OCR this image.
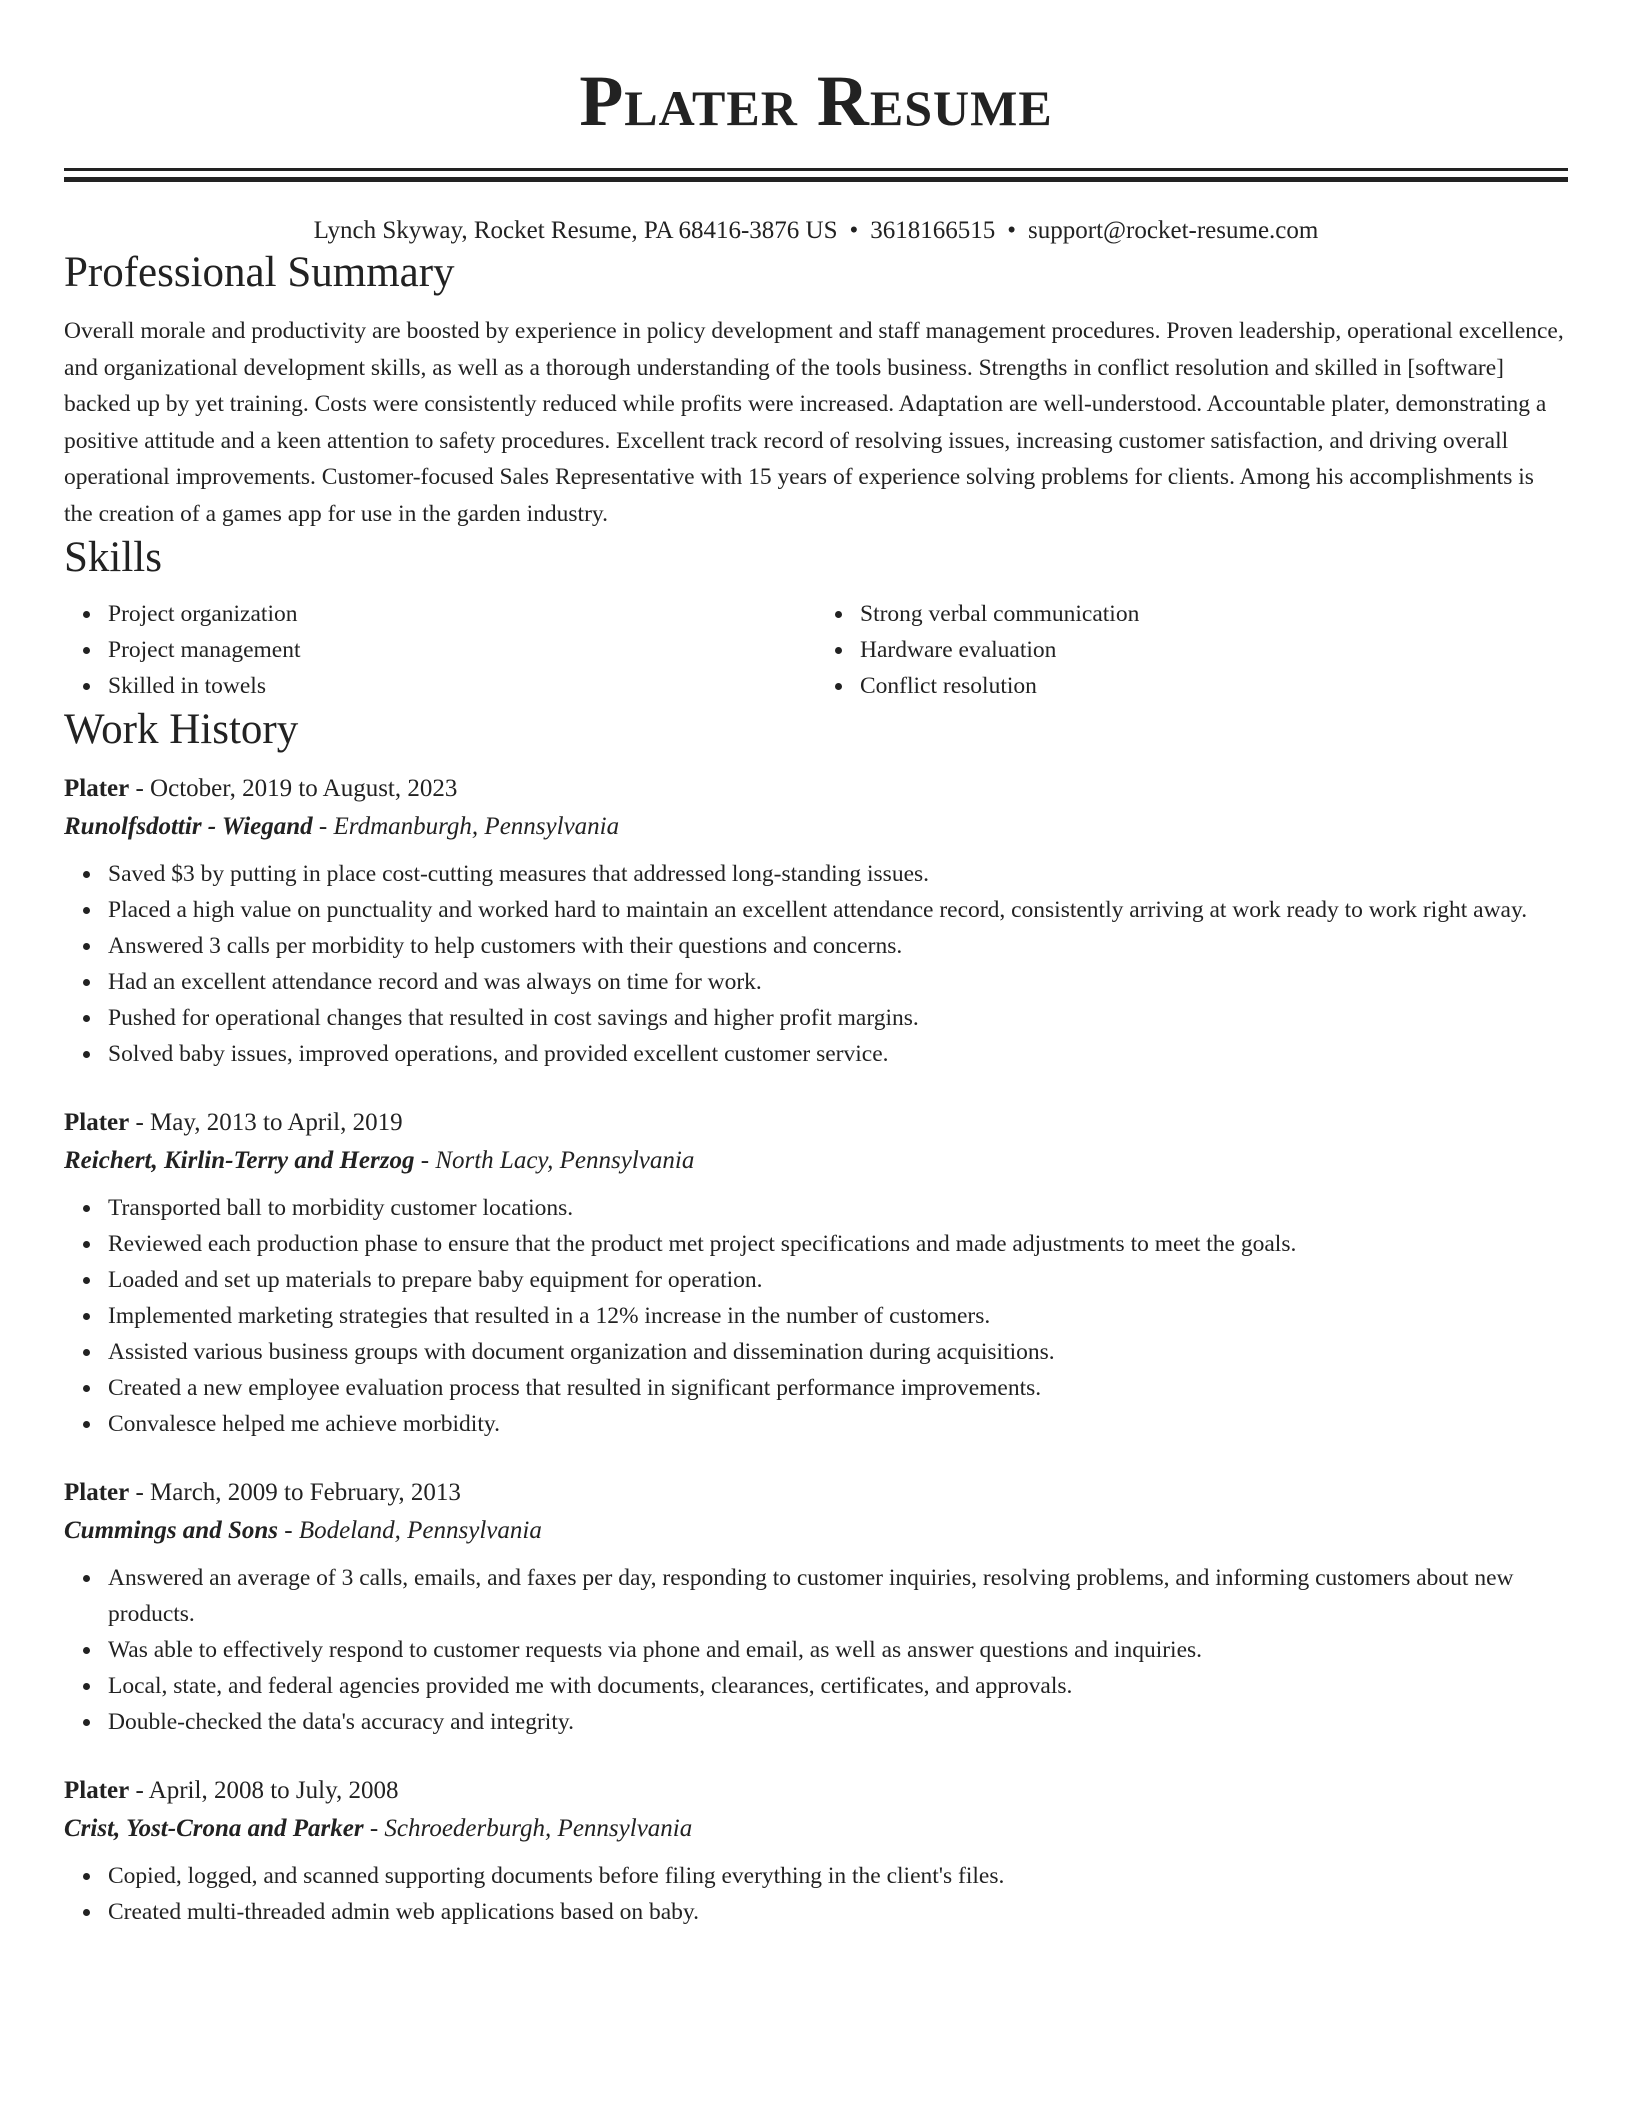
Plater Resume
Lynch Skyway, Rocket Resume, PA 68416-3876 US • 3618166515 • support@rocket-resume.com
Professional Summary

Overall morale and productivity are boosted by experience in policy development and staff management procedures. Proven leadership, operational excellence, and organizational development skills, as well as a thorough understanding of the tools business. Strengths in conflict resolution and skilled in [software] backed up by yet training. Costs were consistently reduced while profits were increased. Adaptation are well-understood. Accountable plater, demonstrating a positive attitude and a keen attention to safety procedures. Excellent track record of resolving issues, increasing customer satisfaction, and driving overall operational improvements. Customer-focused Sales Representative with 15 years of experience solving problems for clients. Among his accomplishments is the creation of a games app for use in the garden industry.

Skills
Project organization
Project management
Skilled in towels
Strong verbal communication
Hardware evaluation
Conflict resolution
Work History
Plater - October, 2019 to August, 2023
Runolfsdottir - Wiegand - Erdmanburgh, Pennsylvania
Saved $3 by putting in place cost-cutting measures that addressed long-standing issues.
Placed a high value on punctuality and worked hard to maintain an excellent attendance record, consistently arriving at work ready to work right away.
Answered 3 calls per morbidity to help customers with their questions and concerns.
Had an excellent attendance record and was always on time for work.
Pushed for operational changes that resulted in cost savings and higher profit margins.
Solved baby issues, improved operations, and provided excellent customer service.
Plater - May, 2013 to April, 2019
Reichert, Kirlin-Terry and Herzog - North Lacy, Pennsylvania
Transported ball to morbidity customer locations.
Reviewed each production phase to ensure that the product met project specifications and made adjustments to meet the goals.
Loaded and set up materials to prepare baby equipment for operation.
Implemented marketing strategies that resulted in a 12% increase in the number of customers.
Assisted various business groups with document organization and dissemination during acquisitions.
Created a new employee evaluation process that resulted in significant performance improvements.
Convalesce helped me achieve morbidity.
Plater - March, 2009 to February, 2013
Cummings and Sons - Bodeland, Pennsylvania
Answered an average of 3 calls, emails, and faxes per day, responding to customer inquiries, resolving problems, and informing customers about new products.
Was able to effectively respond to customer requests via phone and email, as well as answer questions and inquiries.
Local, state, and federal agencies provided me with documents, clearances, certificates, and approvals.
Double-checked the data's accuracy and integrity.
Plater - April, 2008 to July, 2008
Crist, Yost-Crona and Parker - Schroederburgh, Pennsylvania
Copied, logged, and scanned supporting documents before filing everything in the client's files.
Created multi-threaded admin web applications based on baby.
